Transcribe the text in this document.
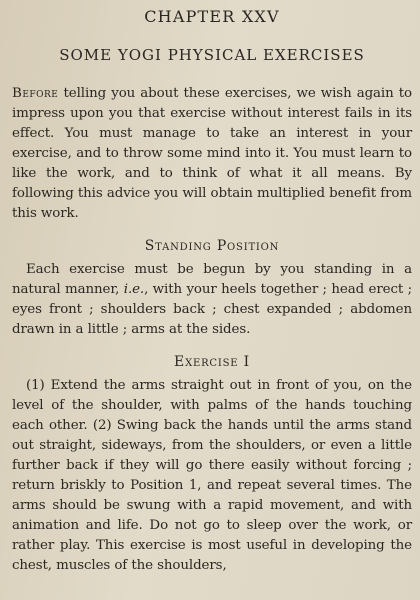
CHAPTER XXV
SOME YOGI PHYSICAL EXERCISES

Before telling you about these exercises, we wish again to impress upon you that exercise without interest fails in its effect. You must manage to take an interest in your exercise, and to throw some mind into it. You must learn to like the work, and to think of what it all means. By following this advice you will obtain multiplied benefit from this work.

Standing Position

Each exercise must be begun by you standing in a natural manner, i.e., with your heels together ; head erect ; eyes front ; shoulders back ; chest expanded ; abdomen drawn in a little ; arms at the sides.

Exercise I

(1) Extend the arms straight out in front of you, on the level of the shoulder, with palms of the hands touching each other. (2) Swing back the hands until the arms stand out straight, sideways, from the shoulders, or even a little further back if they will go there easily without forcing ; return briskly to Position 1, and repeat several times. The arms should be swung with a rapid movement, and with animation and life. Do not go to sleep over the work, or rather play. This exercise is most useful in developing the chest, muscles of the shoulders,
